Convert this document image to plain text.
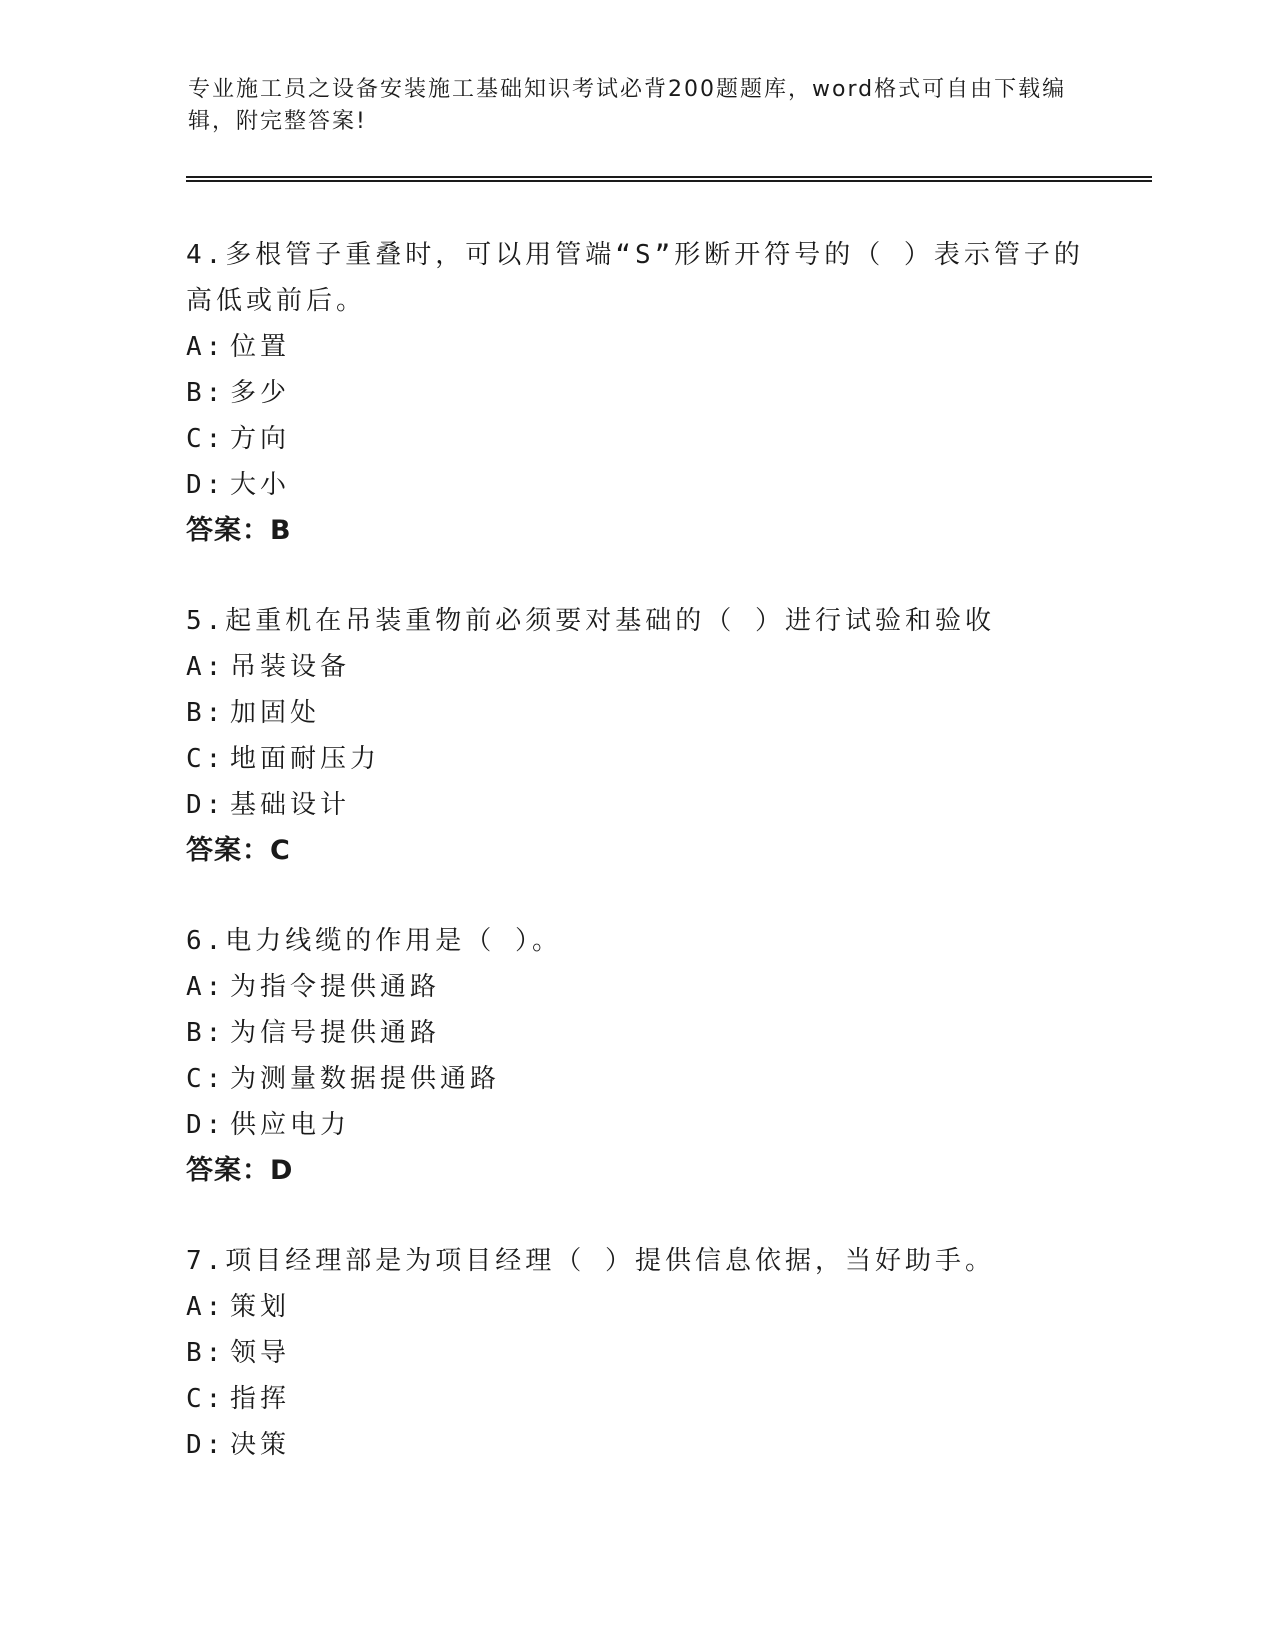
专业施工员之设备安装施工基础知识考试必背200题题库，word格式可自由下载编辑，附完整答案!
4.多根管子重叠时，可以用管端“S”形断开符号的（ ）表示管子的高低或前后。
A: 位置
B: 多少
C: 方向
D: 大小
答案：B
5.起重机在吊装重物前必须要对基础的（ ）进行试验和验收
A: 吊装设备
B: 加固处
C: 地面耐压力
D: 基础设计
答案：C
6.电力线缆的作用是（ ）。
A: 为指令提供通路
B: 为信号提供通路
C: 为测量数据提供通路
D: 供应电力
答案：D
7.项目经理部是为项目经理（ ）提供信息依据，当好助手。
A: 策划
B: 领导
C: 指挥
D: 决策
